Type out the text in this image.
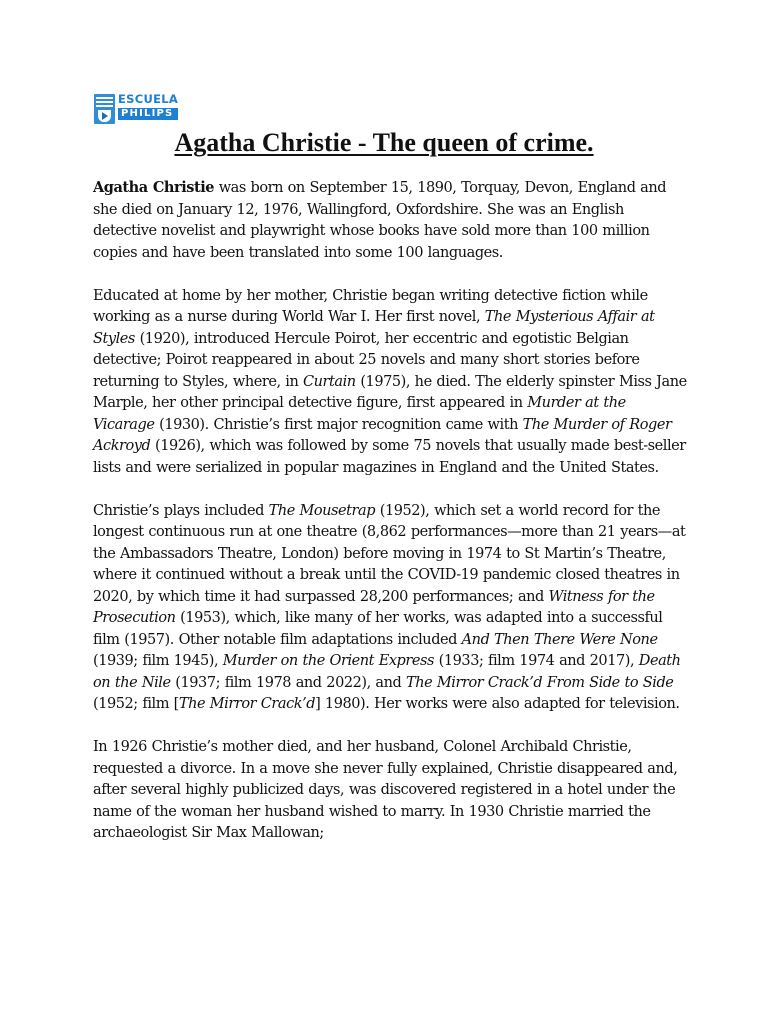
ESCUELA
PHILIPS
Agatha Christie - The queen of crime.

Agatha Christie was born on September 15, 1890, Torquay, Devon, England and she died on January 12, 1976, Wallingford, Oxfordshire. She was an English detective novelist and playwright whose books have sold more than 100 million copies and have been translated into some 100 languages.

Educated at home by her mother, Christie began writing detective fiction while working as a nurse during World War I. Her first novel, The Mysterious Affair at Styles (1920), introduced Hercule Poirot, her eccentric and egotistic Belgian detective; Poirot reappeared in about 25 novels and many short stories before returning to Styles, where, in Curtain (1975), he died. The elderly spinster Miss Jane Marple, her other principal detective figure, first appeared in Murder at the Vicarage (1930). Christie’s first major recognition came with The Murder of Roger Ackroyd (1926), which was followed by some 75 novels that usually made best-seller lists and were serialized in popular magazines in England and the United States.

Christie’s plays included The Mousetrap (1952), which set a world record for the longest continuous run at one theatre (8,862 performances—more than 21 years—at the Ambassadors Theatre, London) before moving in 1974 to St Martin’s Theatre, where it continued without a break until the COVID-19 pandemic closed theatres in 2020, by which time it had surpassed 28,200 performances; and Witness for the Prosecution (1953), which, like many of her works, was adapted into a successful film (1957). Other notable film adaptations included And Then There Were None (1939; film 1945), Murder on the Orient Express (1933; film 1974 and 2017), Death on the Nile (1937; film 1978 and 2022), and The Mirror Crack’d From Side to Side (1952; film [The Mirror Crack’d] 1980). Her works were also adapted for television.

In 1926 Christie’s mother died, and her husband, Colonel Archibald Christie, requested a divorce. In a move she never fully explained, Christie disappeared and, after several highly publicized days, was discovered registered in a hotel under the name of the woman her husband wished to marry. In 1930 Christie married the archaeologist Sir Max Mallowan;
